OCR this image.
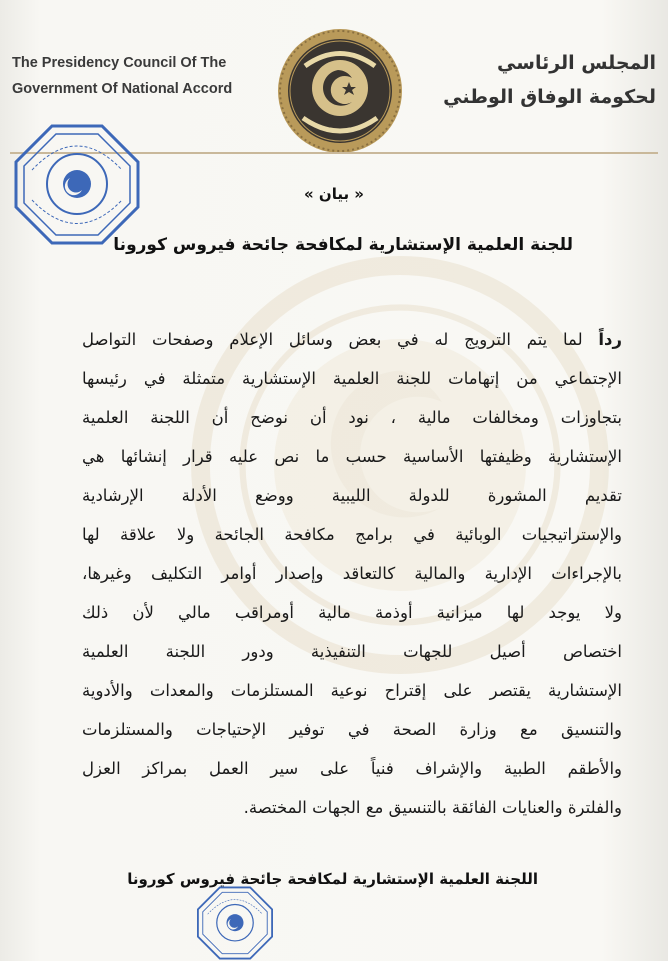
The Presidency Council Of The
Government Of National Accord
المجلس الرئاسي
لحكومة الوفاق الوطني
« بيان »
للجنة العلمية الإستشارية لمكافحة جائحة فيروس كورونا
رداً لما يتم الترويج له في بعض وسائل الإعلام وصفحات التواصل
الإجتماعي من إتهامات للجنة العلمية الإستشارية متمثلة في رئيسها
بتجاوزات ومخالفات مالية ، نود أن نوضح أن اللجنة العلمية
الإستشارية وظيفتها الأساسية حسب ما نص عليه قرار إنشائها هي
تقديم المشورة للدولة الليبية ووضع الأدلة الإرشادية
والإستراتيجيات الوبائية في برامج مكافحة الجائحة ولا علاقة لها
بالإجراءات الإدارية والمالية كالتعاقد وإصدار أوامر التكليف وغيرها،
ولا يوجد لها ميزانية أوذمة مالية أومراقب مالي لأن ذلك
اختصاص أصيل للجهات التنفيذية ودور اللجنة العلمية
الإستشارية يقتصر على إقتراح نوعية المستلزمات والمعدات والأدوية
والتنسيق مع وزارة الصحة في توفير الإحتياجات والمستلزمات
والأطقم الطبية والإشراف فنياً على سير العمل بمراكز العزل
والفلترة والعنايات الفائقة بالتنسيق مع الجهات المختصة.
اللجنة العلمية الإستشارية لمكافحة جائحة فيروس كورونا
